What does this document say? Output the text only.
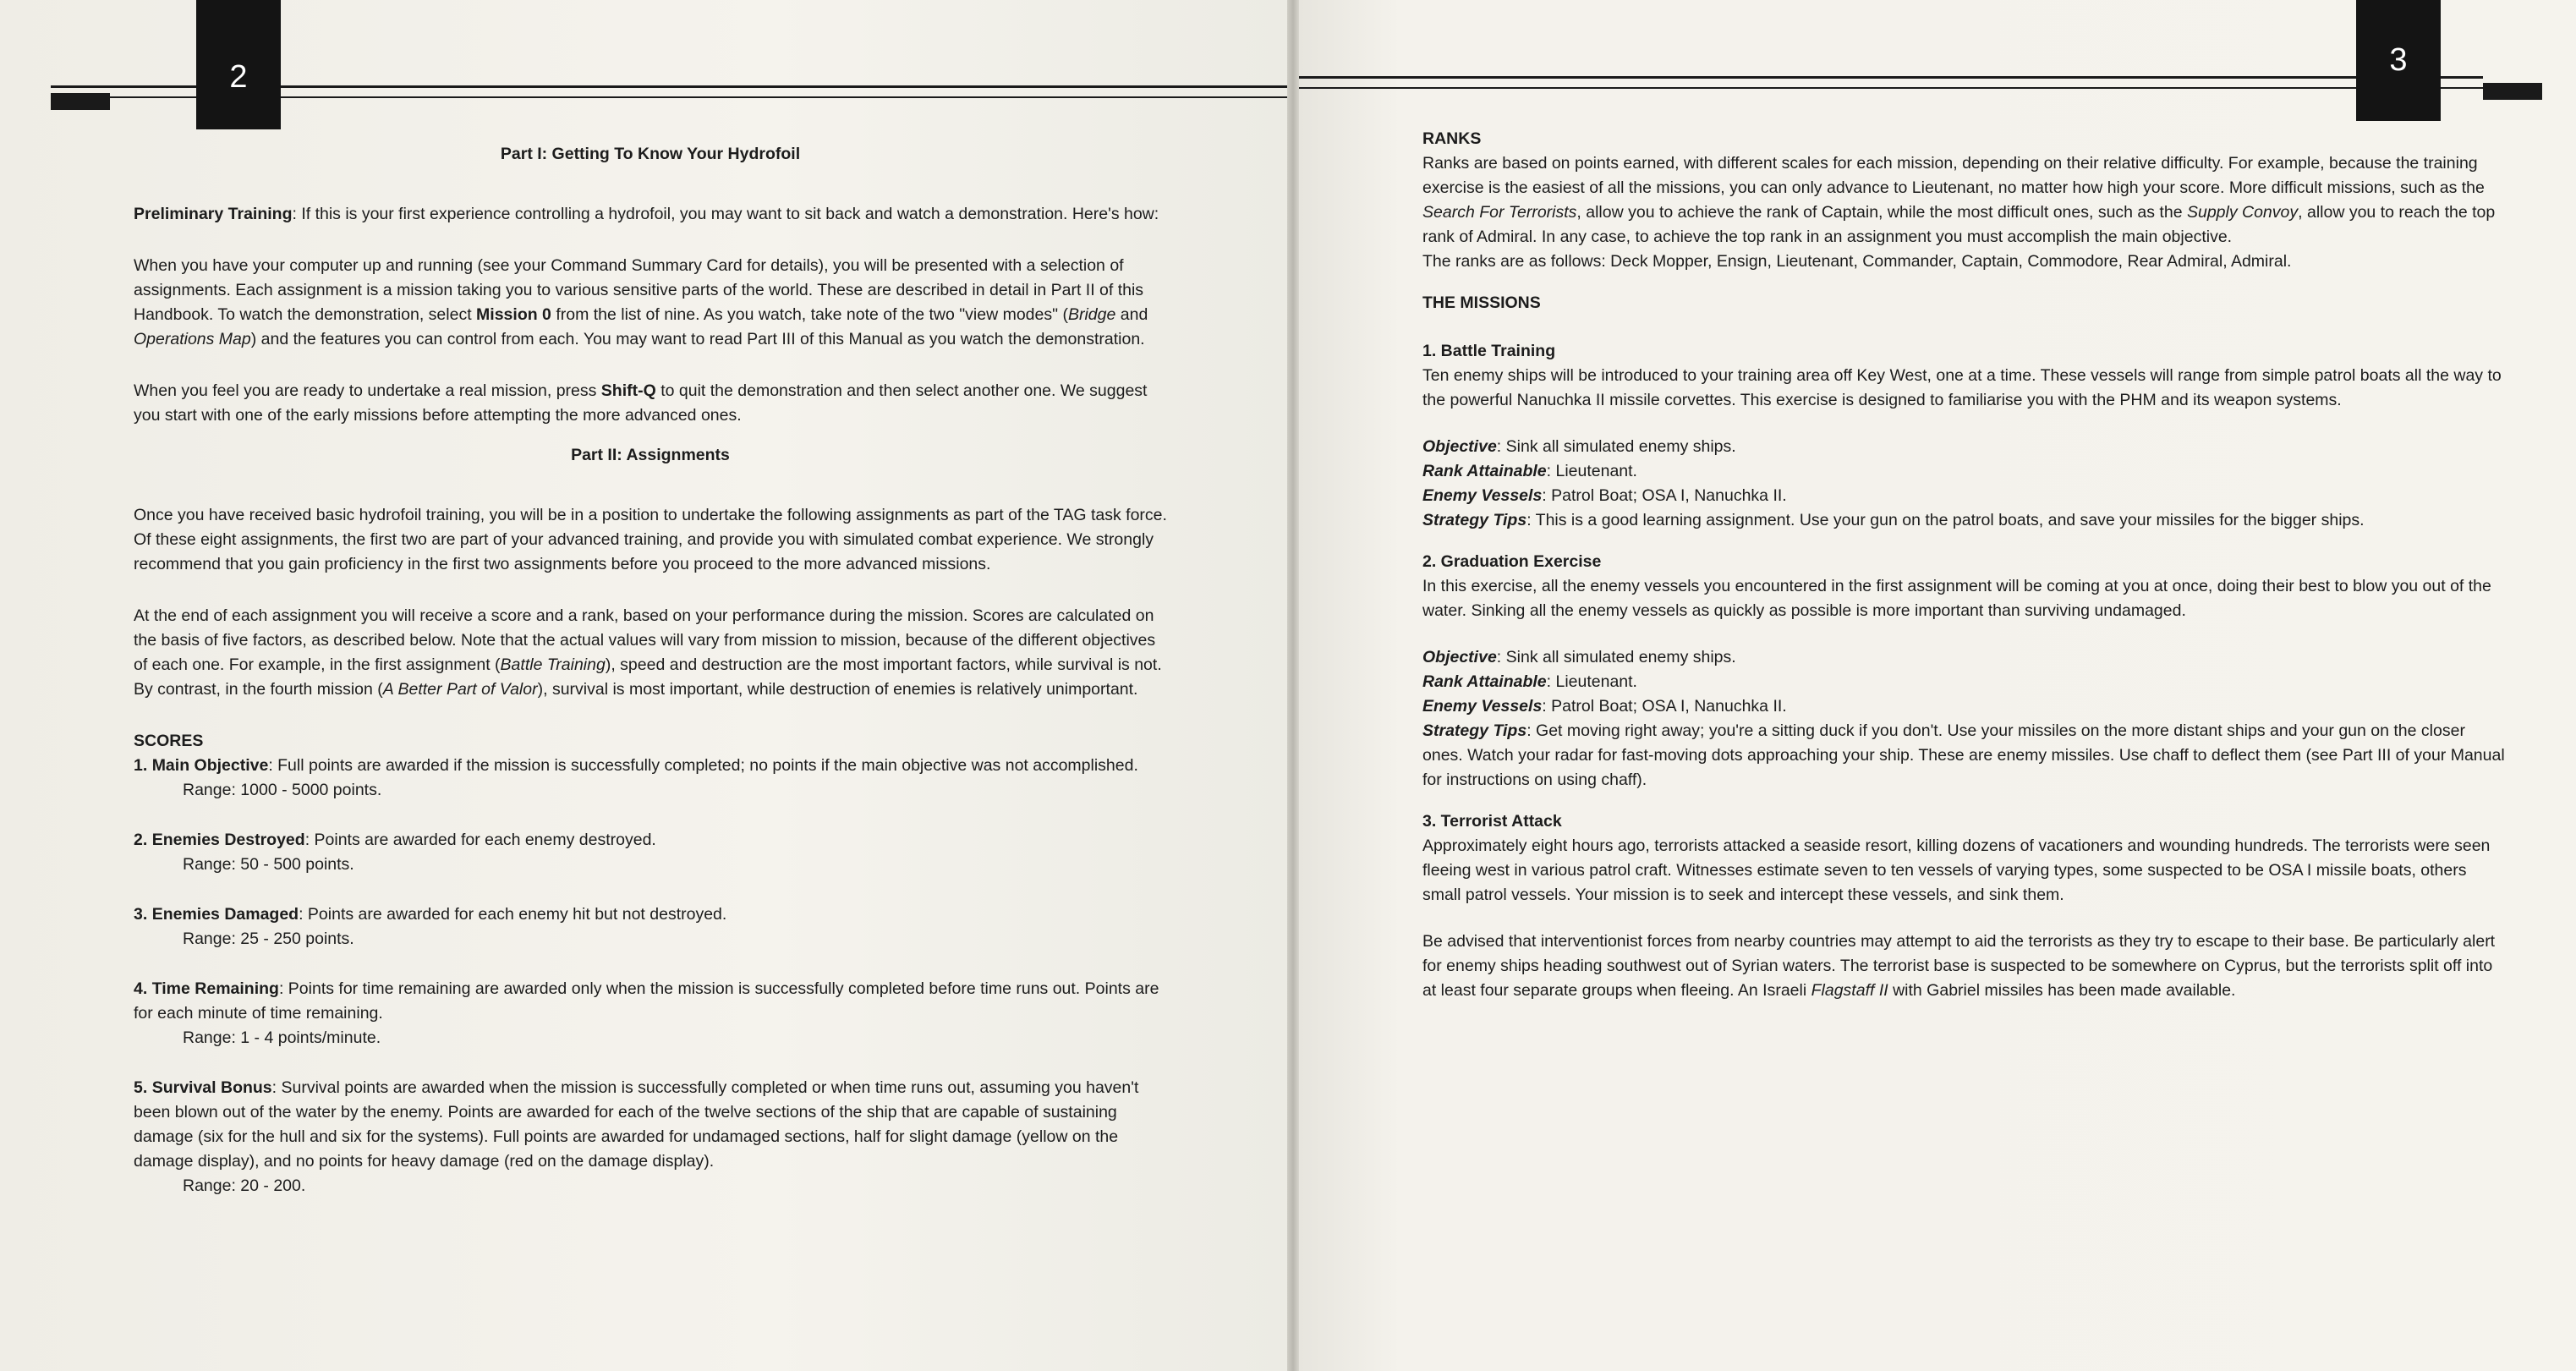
2
Part I: Getting To Know Your Hydrofoil

Preliminary Training: If this is your first experience controlling a hydrofoil, you may want to sit back and watch a demonstration. Here's how:

When you have your computer up and running (see your Command Summary Card for details), you will be presented with a selection of assignments. Each assignment is a mission taking you to various sensitive parts of the world. These are described in detail in Part II of this Handbook. To watch the demonstration, select Mission 0 from the list of nine. As you watch, take note of the two "view modes" (Bridge and Operations Map) and the features you can control from each. You may want to read Part III of this Manual as you watch the demonstration.

When you feel you are ready to undertake a real mission, press Shift-Q to quit the demonstration and then select another one. We suggest you start with one of the early missions before attempting the more advanced ones.

Part II: Assignments

Once you have received basic hydrofoil training, you will be in a position to undertake the following assignments as part of the TAG task force. Of these eight assignments, the first two are part of your advanced training, and provide you with simulated combat experience. We strongly recommend that you gain proficiency in the first two assignments before you proceed to the more advanced missions.

At the end of each assignment you will receive a score and a rank, based on your performance during the mission. Scores are calculated on the basis of five factors, as described below. Note that the actual values will vary from mission to mission, because of the different objectives of each one. For example, in the first assignment (Battle Training), speed and destruction are the most important factors, while survival is not. By contrast, in the fourth mission (A Better Part of Valor), survival is most important, while destruction of enemies is relatively unimportant.

SCORES
1. Main Objective: Full points are awarded if the mission is successfully completed; no points if the main objective was not accomplished.
Range: 1000 - 5000 points.
2. Enemies Destroyed: Points are awarded for each enemy destroyed.
Range: 50 - 500 points.
3. Enemies Damaged: Points are awarded for each enemy hit but not destroyed.
Range: 25 - 250 points.
4. Time Remaining: Points for time remaining are awarded only when the mission is successfully completed before time runs out. Points are for each minute of time remaining.
Range: 1 - 4 points/minute.
5. Survival Bonus: Survival points are awarded when the mission is successfully completed or when time runs out, assuming you haven't been blown out of the water by the enemy. Points are awarded for each of the twelve sections of the ship that are capable of sustaining damage (six for the hull and six for the systems). Full points are awarded for undamaged sections, half for slight damage (yellow on the damage display), and no points for heavy damage (red on the damage display).
Range: 20 - 200.
3
RANKS
Ranks are based on points earned, with different scales for each mission, depending on their relative difficulty. For example, because the training exercise is the easiest of all the missions, you can only advance to Lieutenant, no matter how high your score. More difficult missions, such as the Search For Terrorists, allow you to achieve the rank of Captain, while the most difficult ones, such as the Supply Convoy, allow you to reach the top rank of Admiral. In any case, to achieve the top rank in an assignment you must accomplish the main objective.

The ranks are as follows: Deck Mopper, Ensign, Lieutenant, Commander, Captain, Commodore, Rear Admiral, Admiral.

THE MISSIONS
1. Battle Training

Ten enemy ships will be introduced to your training area off Key West, one at a time. These vessels will range from simple patrol boats all the way to the powerful Nanuchka II missile corvettes. This exercise is designed to familiarise you with the PHM and its weapon systems.

Objective: Sink all simulated enemy ships.
Rank Attainable: Lieutenant.
Enemy Vessels: Patrol Boat; OSA I, Nanuchka II.

Strategy Tips: This is a good learning assignment. Use your gun on the patrol boats, and save your missiles for the bigger ships.

2. Graduation Exercise

In this exercise, all the enemy vessels you encountered in the first assignment will be coming at you at once, doing their best to blow you out of the water. Sinking all the enemy vessels as quickly as possible is more important than surviving undamaged.

Objective: Sink all simulated enemy ships.
Rank Attainable: Lieutenant.
Enemy Vessels: Patrol Boat; OSA I, Nanuchka II.

Strategy Tips: Get moving right away; you're a sitting duck if you don't. Use your missiles on the more distant ships and your gun on the closer ones. Watch your radar for fast-moving dots approaching your ship. These are enemy missiles. Use chaff to deflect them (see Part III of your Manual for instructions on using chaff).

3. Terrorist Attack

Approximately eight hours ago, terrorists attacked a seaside resort, killing dozens of vacationers and wounding hundreds. The terrorists were seen fleeing west in various patrol craft. Witnesses estimate seven to ten vessels of varying types, some suspected to be OSA I missile boats, others small patrol vessels. Your mission is to seek and intercept these vessels, and sink them.

Be advised that interventionist forces from nearby countries may attempt to aid the terrorists as they try to escape to their base. Be particularly alert for enemy ships heading southwest out of Syrian waters. The terrorist base is suspected to be somewhere on Cyprus, but the terrorists split off into at least four separate groups when fleeing. An Israeli Flagstaff II with Gabriel missiles has been made available.
